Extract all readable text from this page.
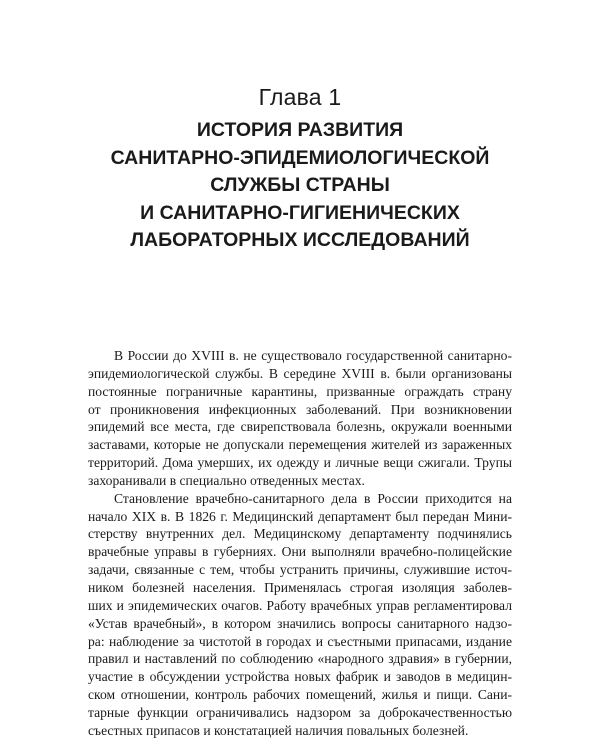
Глава 1
ИСТОРИЯ РАЗВИТИЯ
САНИТАРНО-ЭПИДЕМИОЛОГИЧЕСКОЙ
СЛУЖБЫ СТРАНЫ
И САНИТАРНО-ГИГИЕНИЧЕСКИХ
ЛАБОРАТОРНЫХ ИССЛЕДОВАНИЙ
В России до XVIII в. не существовало государственной санитарно-
эпидемиологической службы. В середине XVIII в. были организованы
постоянные пограничные карантины, призванные ограждать страну
от проникновения инфекционных заболеваний. При возникновении
эпидемий все места, где свирепствовала болезнь, окружали военными
заставами, которые не допускали перемещения жителей из зараженных
территорий. Дома умерших, их одежду и личные вещи сжигали. Трупы
захоранивали в специально отведенных местах.
Становление врачебно-санитарного дела в России приходится на
начало XIX в. В 1826 г. Медицинский департамент был передан Мини-
стерству внутренних дел. Медицинскому департаменту подчинялись
врачебные управы в губерниях. Они выполняли врачебно-полицейские
задачи, связанные с тем, чтобы устранить причины, служившие источ-
ником болезней населения. Применялась строгая изоляция заболев-
ших и эпидемических очагов. Работу врачебных управ регламентировал
«Устав врачебный», в котором значились вопросы санитарного надзо-
ра: наблюдение за чистотой в городах и съестными припасами, издание
правил и наставлений по соблюдению «народного здравия» в губернии,
участие в обсуждении устройства новых фабрик и заводов в медицин-
ском отношении, контроль рабочих помещений, жилья и пищи. Сани-
тарные функции ограничивались надзором за доброкачественностью
съестных припасов и констатацией наличия повальных болезней.
